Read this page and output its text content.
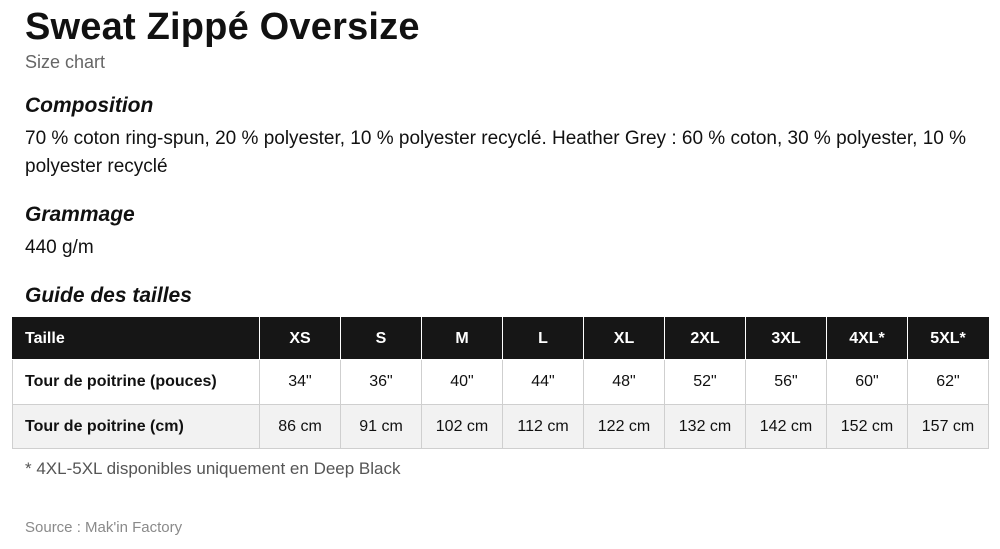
Sweat Zippé Oversize
Size chart
Composition
70 % coton ring-spun, 20 % polyester, 10 % polyester recyclé. Heather Grey : 60 % coton, 30 % polyester, 10 % polyester recyclé
Grammage
440 g/m
Guide des tailles
Taille	XS	S	M	L	XL	2XL	3XL	4XL*	5XL*
Tour de poitrine (pouces)	34"	36"	40"	44"	48"	52"	56"	60"	62"
Tour de poitrine (cm)	86 cm	91 cm	102 cm	112 cm	122 cm	132 cm	142 cm	152 cm	157 cm
* 4XL-5XL disponibles uniquement en Deep Black
Source : Mak'in Factory
